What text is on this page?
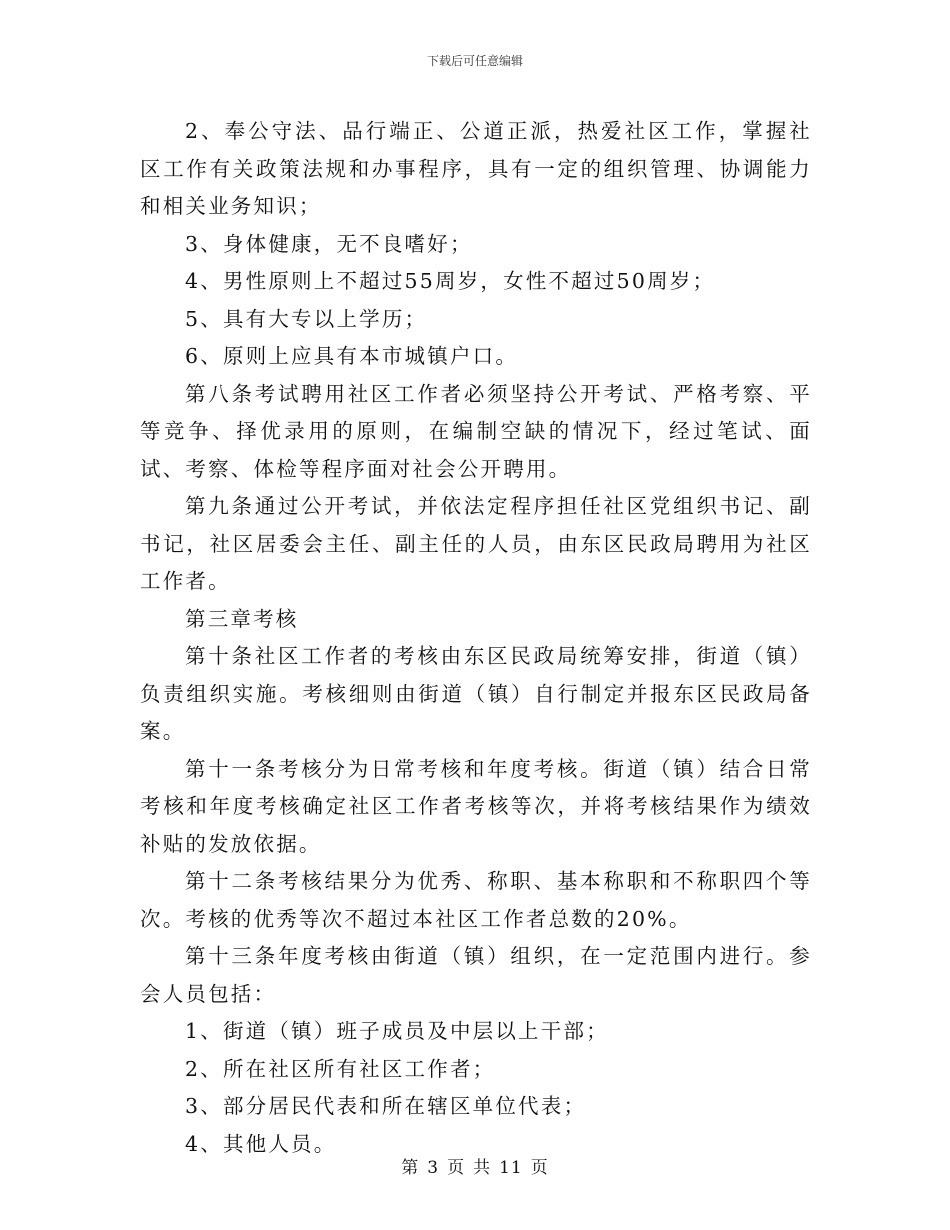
下载后可任意编辑

2、奉公守法、品行端正、公道正派，热爱社区工作，掌握社区工作有关政策法规和办事程序，具有一定的组织管理、协调能力和相关业务知识；

3、身体健康，无不良嗜好；

4、男性原则上不超过55周岁，女性不超过50周岁；

5、具有大专以上学历；

6、原则上应具有本市城镇户口。

第八条考试聘用社区工作者必须坚持公开考试、严格考察、平等竞争、择优录用的原则，在编制空缺的情况下，经过笔试、面试、考察、体检等程序面对社会公开聘用。

第九条通过公开考试，并依法定程序担任社区党组织书记、副书记，社区居委会主任、副主任的人员，由东区民政局聘用为社区工作者。

第三章考核

第十条社区工作者的考核由东区民政局统筹安排，街道（镇）负责组织实施。考核细则由街道（镇）自行制定并报东区民政局备案。

第十一条考核分为日常考核和年度考核。街道（镇）结合日常考核和年度考核确定社区工作者考核等次，并将考核结果作为绩效补贴的发放依据。

第十二条考核结果分为优秀、称职、基本称职和不称职四个等次。考核的优秀等次不超过本社区工作者总数的20%。

第十三条年度考核由街道（镇）组织，在一定范围内进行。参会人员包括：

1、街道（镇）班子成员及中层以上干部；

2、所在社区所有社区工作者；

3、部分居民代表和所在辖区单位代表；

4、其他人员。

第 3 页 共 11 页
